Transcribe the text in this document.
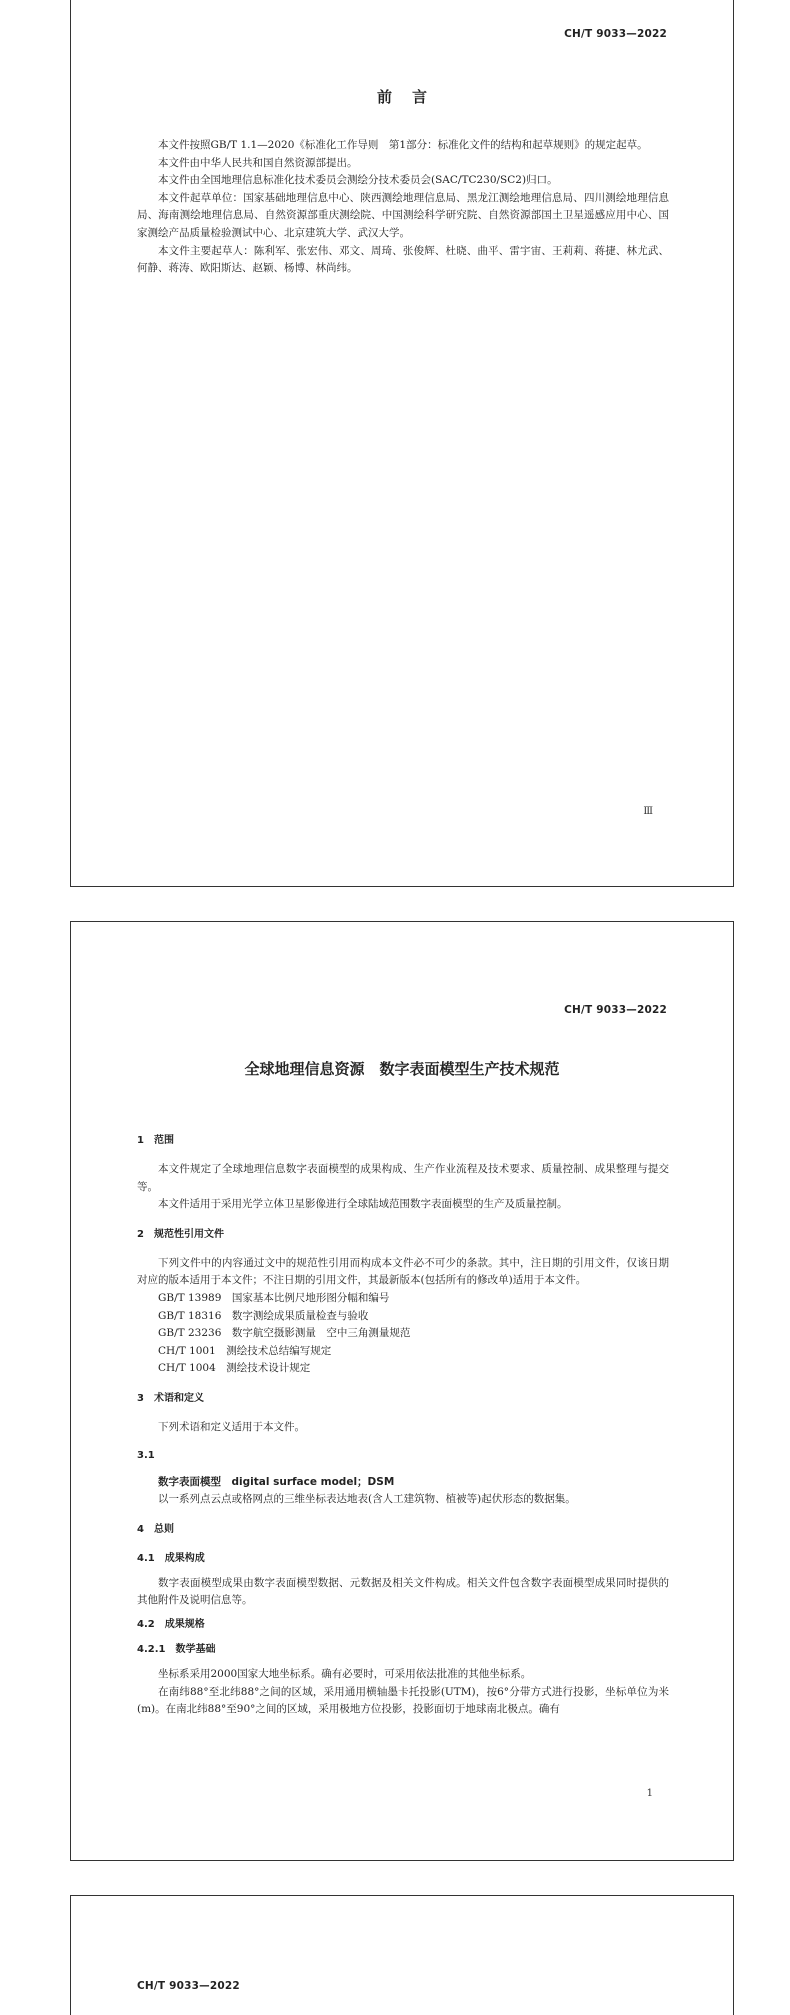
CH/T 9033—2022
前言

本文件按照GB/T 1.1—2020《标准化工作导则　第1部分：标准化文件的结构和起草规则》的规定起草。

本文件由中华人民共和国自然资源部提出。

本文件由全国地理信息标准化技术委员会测绘分技术委员会(SAC/TC230/SC2)归口。

本文件起草单位：国家基础地理信息中心、陕西测绘地理信息局、黑龙江测绘地理信息局、四川测绘地理信息局、海南测绘地理信息局、自然资源部重庆测绘院、中国测绘科学研究院、自然资源部国土卫星遥感应用中心、国家测绘产品质量检验测试中心、北京建筑大学、武汉大学。

本文件主要起草人：陈利军、张宏伟、邓文、周琦、张俊辉、杜晓、曲平、雷宇宙、王莉莉、蒋捷、林尤武、何静、蒋涛、欧阳斯达、赵颖、杨博、林尚纬。

Ⅲ
CH/T 9033—2022
全球地理信息资源　数字表面模型生产技术规范

1　范围

本文件规定了全球地理信息数字表面模型的成果构成、生产作业流程及技术要求、质量控制、成果整理与提交等。

本文件适用于采用光学立体卫星影像进行全球陆域范围数字表面模型的生产及质量控制。

2　规范性引用文件

下列文件中的内容通过文中的规范性引用而构成本文件必不可少的条款。其中，注日期的引用文件，仅该日期对应的版本适用于本文件；不注日期的引用文件，其最新版本(包括所有的修改单)适用于本文件。

GB/T 13989　国家基本比例尺地形图分幅和编号

GB/T 18316　数字测绘成果质量检查与验收

GB/T 23236　数字航空摄影测量　空中三角测量规范

CH/T 1001　测绘技术总结编写规定

CH/T 1004　测绘技术设计规定

3　术语和定义

下列术语和定义适用于本文件。

3.1

数字表面模型　digital surface model；DSM

以一系列点云点或格网点的三维坐标表达地表(含人工建筑物、植被等)起伏形态的数据集。

4　总则

4.1　成果构成

数字表面模型成果由数字表面模型数据、元数据及相关文件构成。相关文件包含数字表面模型成果同时提供的其他附件及说明信息等。

4.2　成果规格

4.2.1　数学基础

坐标系采用2000国家大地坐标系。确有必要时，可采用依法批准的其他坐标系。

在南纬88°至北纬88°之间的区域，采用通用横轴墨卡托投影(UTM)，按6°分带方式进行投影，坐标单位为米(m)。在南北纬88°至90°之间的区域，采用极地方位投影，投影面切于地球南北极点。确有

1
CH/T 9033—2022
